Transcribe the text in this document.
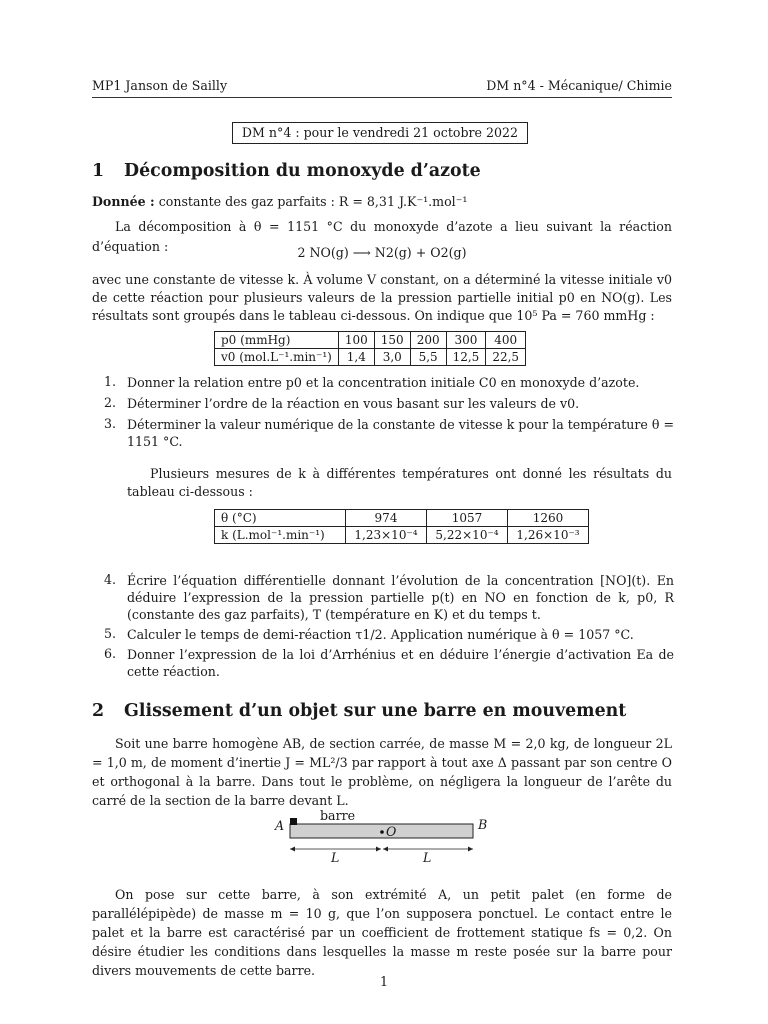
MP1 Janson de Sailly	DM n°4 - Mécanique/ Chimie
DM n°4 : pour le vendredi 21 octobre 2022
1 Décomposition du monoxyde d’azote
Donnée : constante des gaz parfaits : R = 8,31 J.K⁻¹.mol⁻¹
La décomposition à θ = 1151 °C du monoxyde d’azote a lieu suivant la réaction d’équation :	2 NO(g) ⟶ N2(g) + O2(g)
avec une constante de vitesse k. À volume V constant, on a déterminé la vitesse initiale v0 de cette réaction pour plusieurs valeurs de la pression partielle initial p0 en NO(g). Les résultats sont groupés dans le tableau ci-dessous. On indique que 10⁵ Pa = 760 mmHg :
p0 (mmHg)	100	150	200	300	400
v0 (mol.L⁻¹.min⁻¹)	1,4	3,0	5,5	12,5	22,5
1. Donner la relation entre p0 et la concentration initiale C0 en monoxyde d’azote.
2. Déterminer l’ordre de la réaction en vous basant sur les valeurs de v0.
3. Déterminer la valeur numérique de la constante de vitesse k pour la température θ = 1151 °C.
Plusieurs mesures de k à différentes températures ont donné les résultats du tableau ci-dessous :
θ (°C)	974	1057	1260
k (L.mol⁻¹.min⁻¹)	1,23×10⁻⁴	5,22×10⁻⁴	1,26×10⁻³
4. Écrire l’équation différentielle donnant l’évolution de la concentration [NO](t). En déduire l’expression de la pression partielle p(t) en NO en fonction de k, p0, R (constante des gaz parfaits), T (température en K) et du temps t.
5. Calculer le temps de demi-réaction τ1/2. Application numérique à θ = 1057 °C.
6. Donner l’expression de la loi d’Arrhénius et en déduire l’énergie d’activation Ea de cette réaction.
2 Glissement d’un objet sur une barre en mouvement
Soit une barre homogène AB, de section carrée, de masse M = 2,0 kg, de longueur 2L = 1,0 m, de moment d’inertie J = ML²/3 par rapport à tout axe Δ passant par son centre O et orthogonal à la barre. Dans tout le problème, on négligera la longueur de l’arête du carré de la section de la barre devant L.
A	B
barre
O
L	L
On pose sur cette barre, à son extrémité A, un petit palet (en forme de parallélépipède) de masse m = 10 g, que l’on supposera ponctuel. Le contact entre le palet et la barre est caractérisé par un coefficient de frottement statique fs = 0,2. On désire étudier les conditions dans lesquelles la masse m reste posée sur la barre pour divers mouvements de cette barre.
1
